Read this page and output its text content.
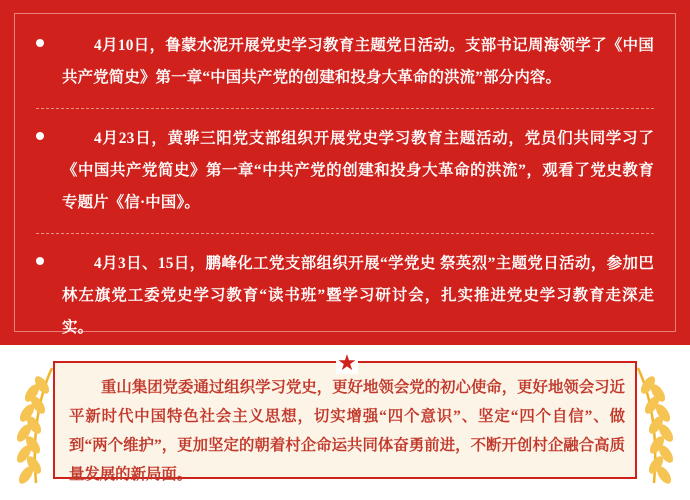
4月10日，鲁蒙水泥开展党史学习教育主题党日活动。支部书记周海领学了《中国共产党简史》第一章“中国共产党的创建和投身大革命的洪流”部分内容。
4月23日，黄骅三阳党支部组织开展党史学习教育主题活动，党员们共同学习了《中国共产党简史》第一章“中共产党的创建和投身大革命的洪流”，观看了党史教育专题片《信·中国》。
4月3日、15日，鹏峰化工党支部组织开展“学党史 祭英烈”主题党日活动，参加巴林左旗党工委党史学习教育“读书班”暨学习研讨会，扎实推进党史学习教育走深走实。
重山集团党委通过组织学习党史，更好地领会党的初心使命，更好地领会习近平新时代中国特色社会主义思想，切实增强“四个意识”、坚定“四个自信”、做到“两个维护”，更加坚定的朝着村企命运共同体奋勇前进，不断开创村企融合高质量发展的新局面。
★
